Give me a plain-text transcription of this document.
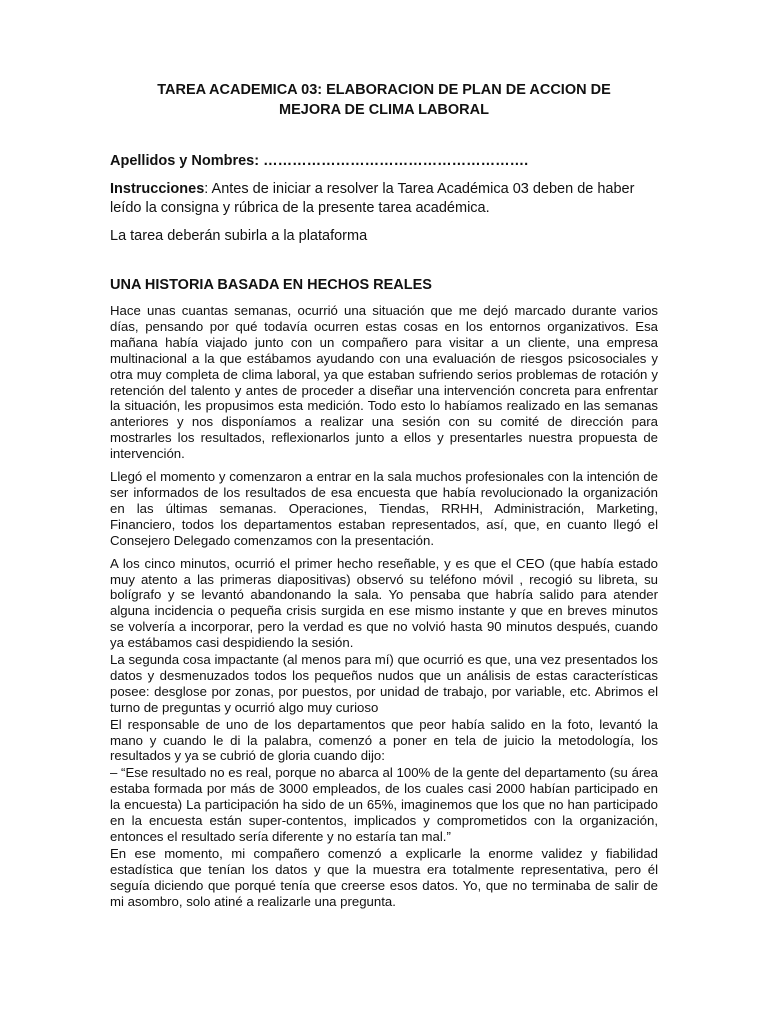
TAREA ACADEMICA 03: ELABORACION DE PLAN DE ACCION DE
MEJORA DE CLIMA LABORAL
Apellidos y Nombres: ……………………………………………….
Instrucciones: Antes de iniciar a resolver la Tarea Académica 03 deben de haber leído la consigna y rúbrica de la presente tarea académica.
La tarea deberán subirla a la plataforma
UNA HISTORIA BASADA EN HECHOS REALES

Hace unas cuantas semanas, ocurrió una situación que me dejó marcado durante varios días, pensando por qué todavía ocurren estas cosas en los entornos organizativos. Esa mañana había viajado junto con un compañero para visitar a un cliente, una empresa multinacional a la que estábamos ayudando con una evaluación de riesgos psicosociales y otra muy completa de clima laboral, ya que estaban sufriendo serios problemas de rotación y retención del talento y antes de proceder a diseñar una intervención concreta para enfrentar la situación, les propusimos esta medición. Todo esto lo habíamos realizado en las semanas anteriores y nos disponíamos a realizar una sesión con su comité de dirección para mostrarles los resultados, reflexionarlos junto a ellos y presentarles nuestra propuesta de intervención.

Llegó el momento y comenzaron a entrar en la sala muchos profesionales con la intención de ser informados de los resultados de esa encuesta que había revolucionado la organización en las últimas semanas. Operaciones, Tiendas, RRHH, Administración, Marketing, Financiero, todos los departamentos estaban representados, así, que, en cuanto llegó el Consejero Delegado comenzamos con la presentación.

A los cinco minutos, ocurrió el primer hecho reseñable, y es que el CEO (que había estado muy atento a las primeras diapositivas) observó su teléfono móvil , recogió su libreta, su bolígrafo y se levantó abandonando la sala. Yo pensaba que habría salido para atender alguna incidencia o pequeña crisis surgida en ese mismo instante y que en breves minutos se volvería a incorporar, pero la verdad es que no volvió hasta 90 minutos después, cuando ya estábamos casi despidiendo la sesión.

La segunda cosa impactante (al menos para mí) que ocurrió es que, una vez presentados los datos y desmenuzados todos los pequeños nudos que un análisis de estas características posee: desglose por zonas, por puestos, por unidad de trabajo, por variable, etc. Abrimos el turno de preguntas y ocurrió algo muy curioso

El responsable de uno de los departamentos que peor había salido en la foto, levantó la mano y cuando le di la palabra, comenzó a poner en tela de juicio la metodología, los resultados y ya se cubrió de gloria cuando dijo:

– “Ese resultado no es real, porque no abarca al 100% de la gente del departamento (su área estaba formada por más de 3000 empleados, de los cuales casi 2000 habían participado en la encuesta) La participación ha sido de un 65%, imaginemos que los que no han participado en la encuesta están super-contentos, implicados y comprometidos con la organización, entonces el resultado sería diferente y no estaría tan mal.”

En ese momento, mi compañero comenzó a explicarle la enorme validez y fiabilidad estadística que tenían los datos y que la muestra era totalmente representativa, pero él seguía diciendo que porqué tenía que creerse esos datos. Yo, que no terminaba de salir de mi asombro, solo atiné a realizarle una pregunta.
